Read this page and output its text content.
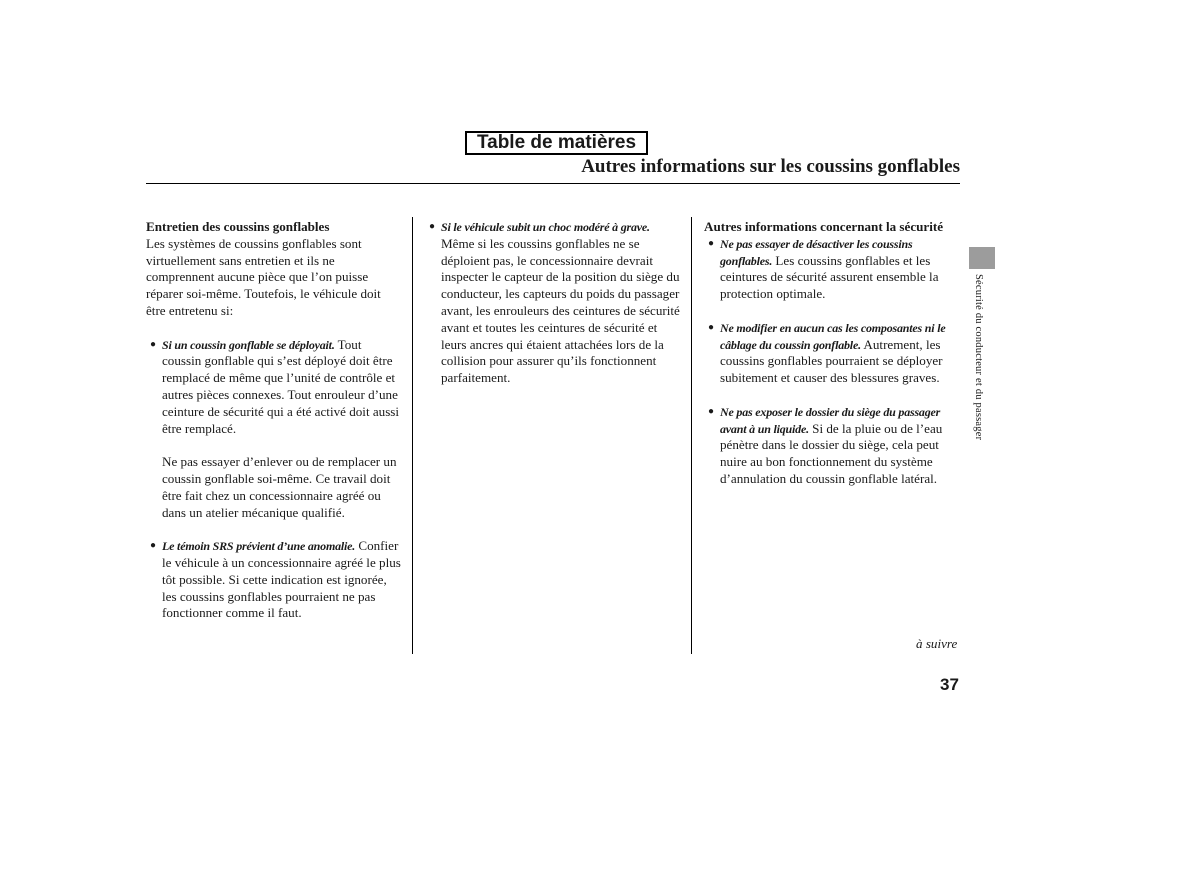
Table de matières
Autres informations sur les coussins gonflables
Entretien des coussins gonflables

Les systèmes de coussins gonflables sont virtuellement sans entretien et ils ne comprennent aucune pièce que l’on puisse réparer soi-même. Toutefois, le véhicule doit être entretenu si:

● Si un coussin gonflable se déployait. Tout coussin gonflable qui s’est déployé doit être remplacé de même que l’unité de contrôle et autres pièces connexes. Tout enrouleur d’une ceinture de sécurité qui a été activé doit aussi être remplacé.

Ne pas essayer d’enlever ou de remplacer un coussin gonflable soi-même. Ce travail doit être fait chez un concessionnaire agréé ou dans un atelier mécanique qualifié.

● Le témoin SRS prévient d’une anomalie. Confier le véhicule à un concessionnaire agréé le plus tôt possible. Si cette indication est ignorée, les coussins gonflables pourraient ne pas fonctionner comme il faut.

● Si le véhicule subit un choc modéré à grave. Même si les coussins gonflables ne se déploient pas, le concessionnaire devrait inspecter le capteur de la position du siège du conducteur, les capteurs du poids du passager avant, les enrouleurs des ceintures de sécurité avant et toutes les ceintures de sécurité et leurs ancres qui étaient attachées lors de la collision pour assurer qu’ils fonctionnent parfaitement.

Autres informations concernant la sécurité
● Ne pas essayer de désactiver les coussins gonflables. Les coussins gonflables et les ceintures de sécurité assurent ensemble la protection optimale.

● Ne modifier en aucun cas les composantes ni le câblage du coussin gonflable. Autrement, les coussins gonflables pourraient se déployer subitement et causer des blessures graves.

● Ne pas exposer le dossier du siège du passager avant à un liquide. Si de la pluie ou de l’eau pénètre dans le dossier du siège, cela peut nuire au bon fonctionnement du système d’annulation du coussin gonflable latéral.

Sécurité du conducteur et du passager
à suivre
37
